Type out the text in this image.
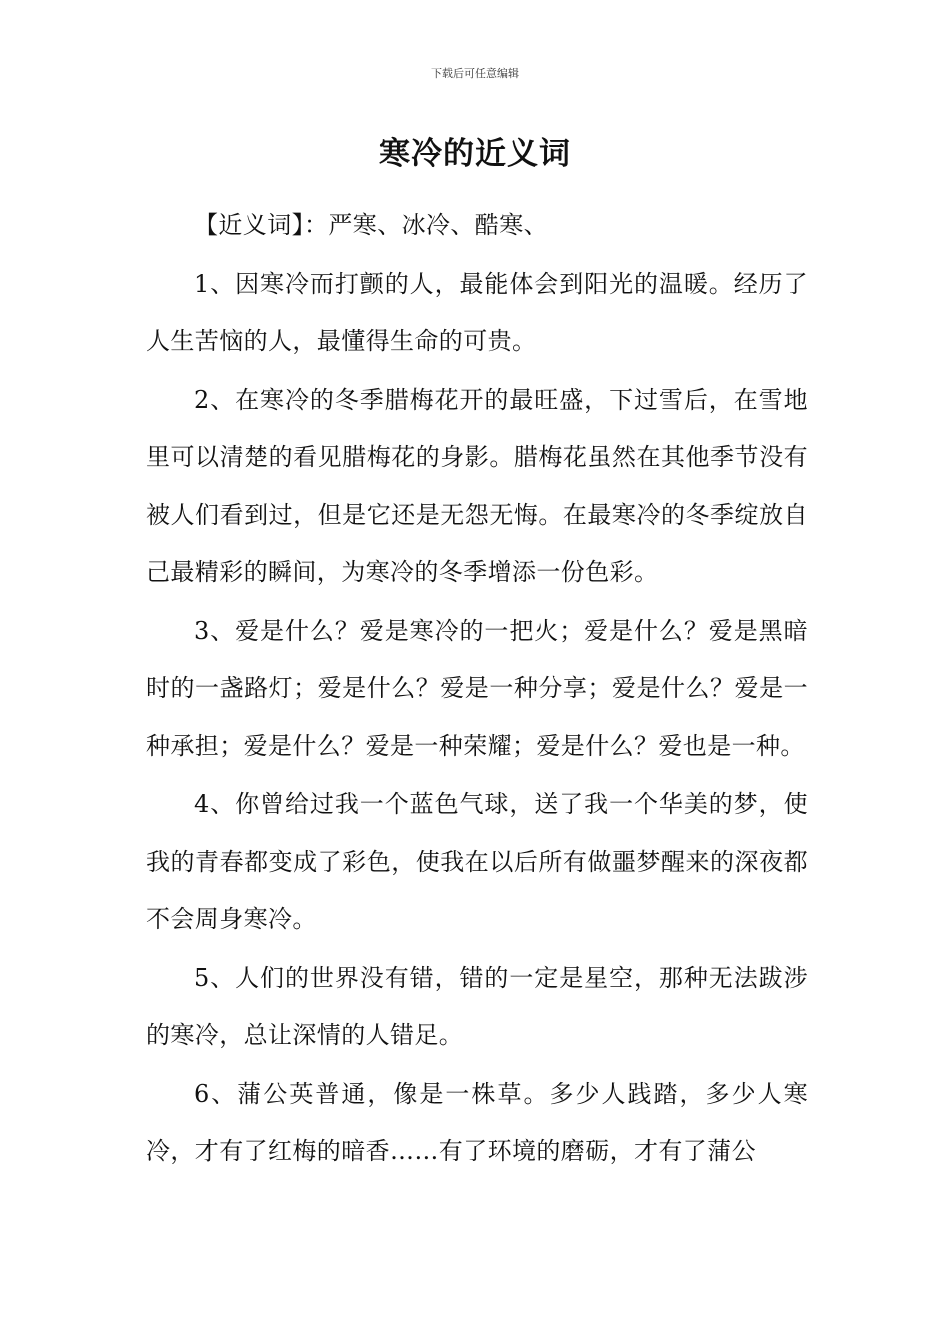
下载后可任意编辑
寒冷的近义词

【近义词】：严寒、冰冷、酷寒、

1、因寒冷而打颤的人，最能体会到阳光的温暖。经历了人生苦恼的人，最懂得生命的可贵。

2、在寒冷的冬季腊梅花开的最旺盛，下过雪后，在雪地里可以清楚的看见腊梅花的身影。腊梅花虽然在其他季节没有被人们看到过，但是它还是无怨无悔。在最寒冷的冬季绽放自己最精彩的瞬间，为寒冷的冬季增添一份色彩。

3、爱是什么？爱是寒冷的一把火；爱是什么？爱是黑暗时的一盏路灯；爱是什么？爱是一种分享；爱是什么？爱是一种承担；爱是什么？爱是一种荣耀；爱是什么？爱也是一种。

4、你曾给过我一个蓝色气球，送了我一个华美的梦，使我的青春都变成了彩色，使我在以后所有做噩梦醒来的深夜都不会周身寒冷。

5、人们的世界没有错，错的一定是星空，那种无法跋涉的寒冷，总让深情的人错足。

6、蒲公英普通，像是一株草。多少人践踏，多少人寒冷，才有了红梅的暗香……有了环境的磨砺，才有了蒲公
